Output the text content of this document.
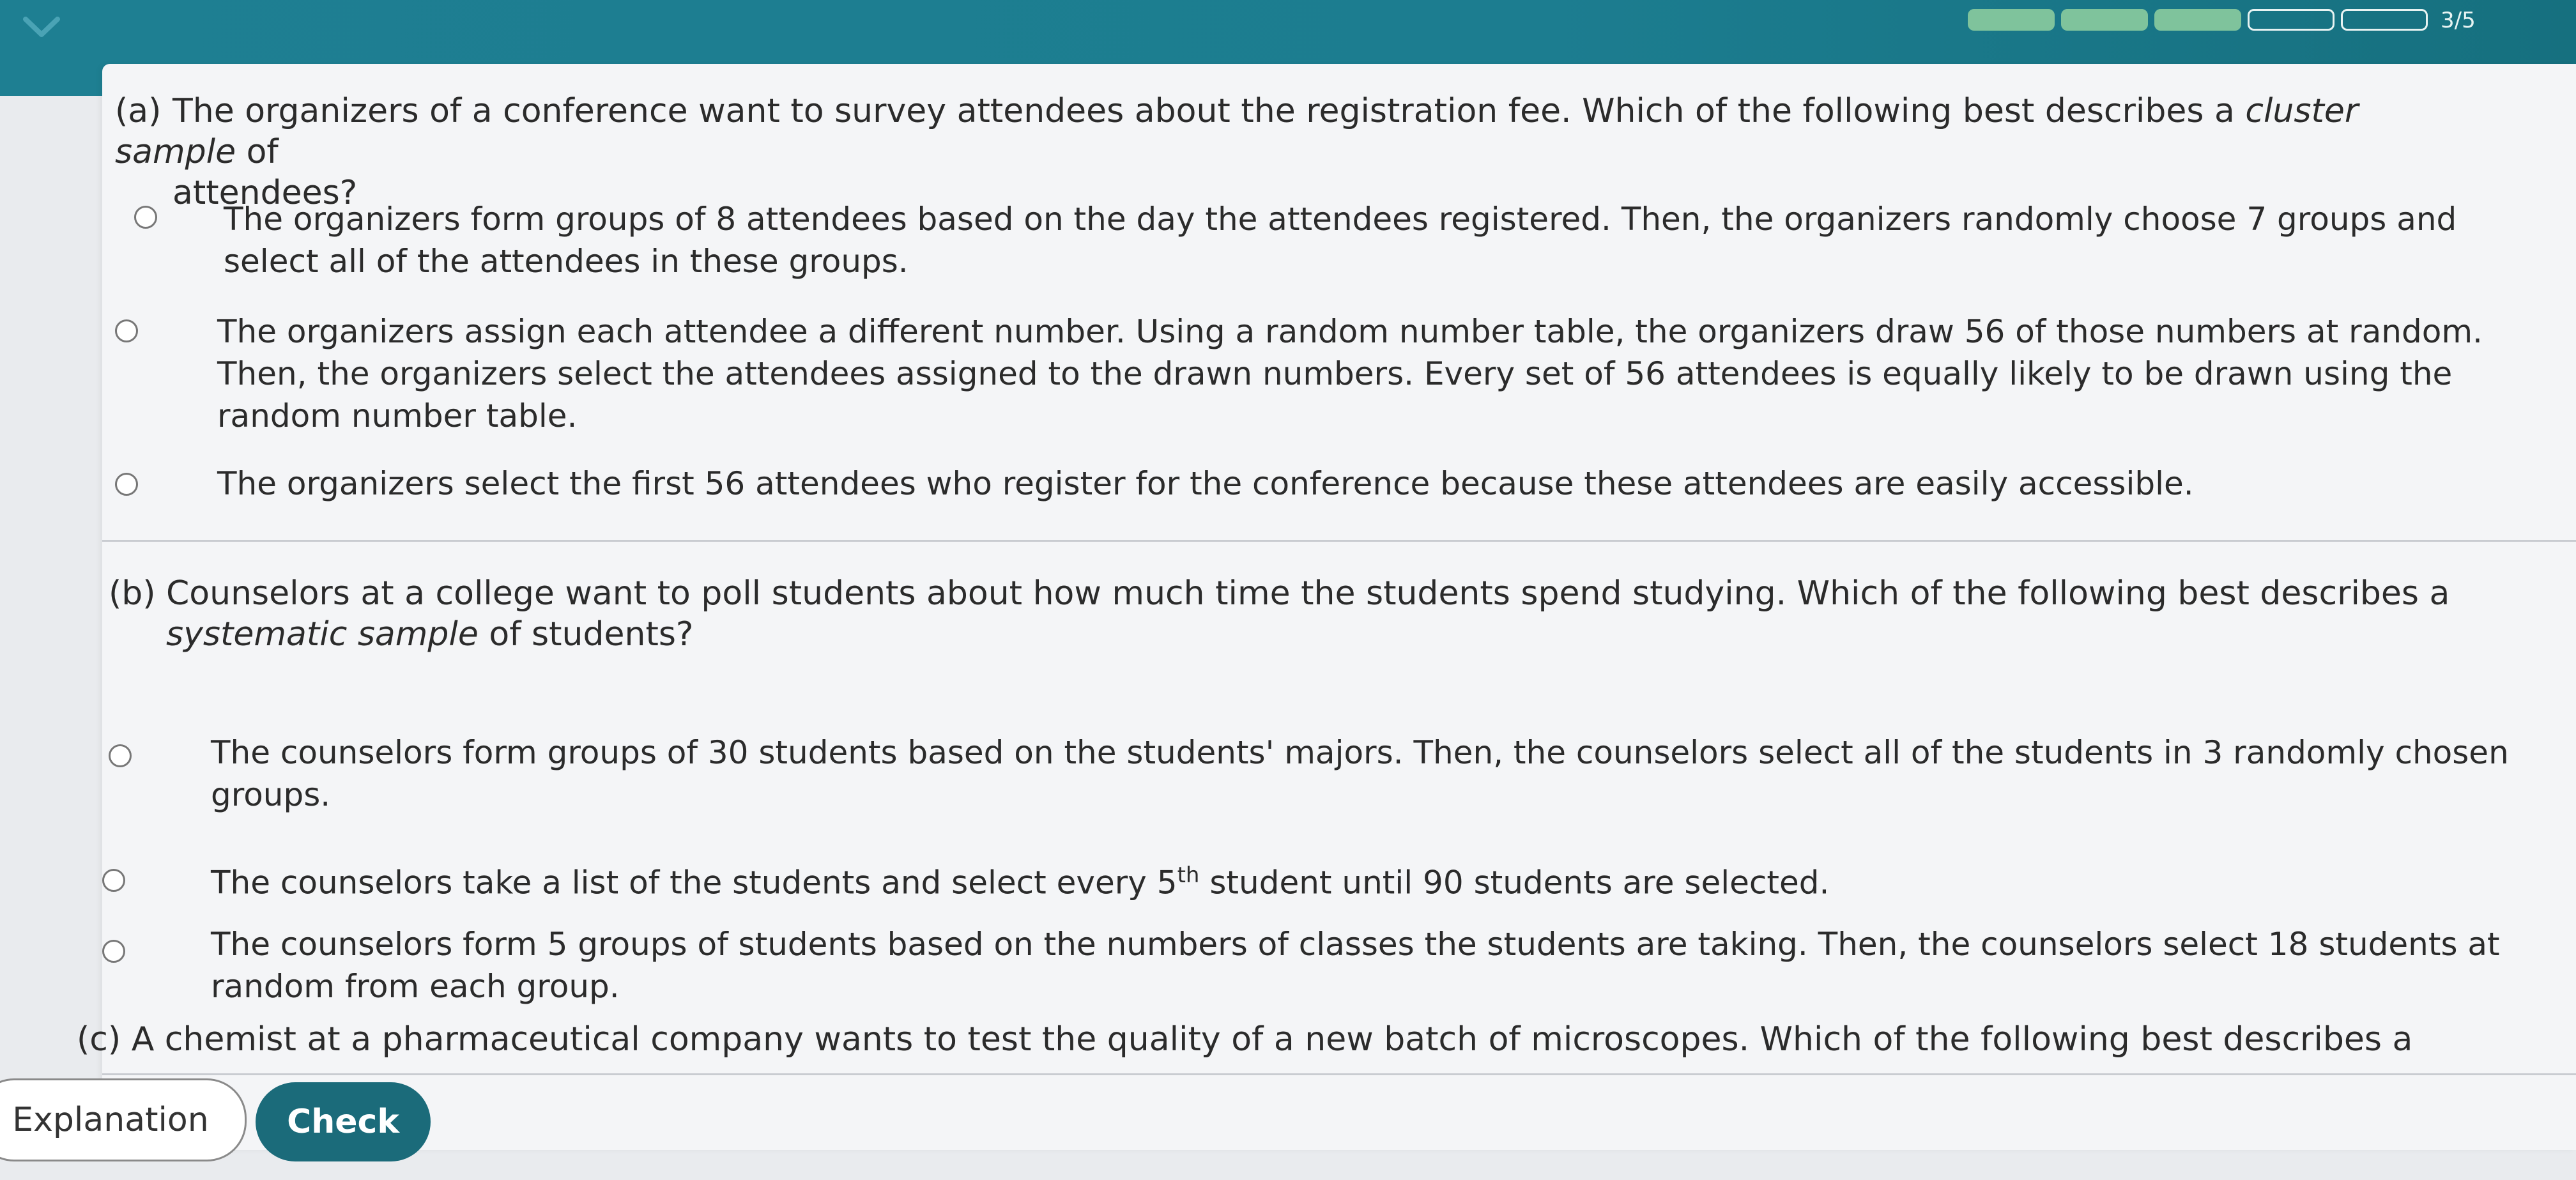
3/5
(a) The organizers of a conference want to survey attendees about the registration fee. Which of the following best describes a cluster sample of
attendees?
The organizers form groups of 8 attendees based on the day the attendees registered. Then, the organizers randomly choose 7 groups and select all of the attendees in these groups.
The organizers assign each attendee a different number. Using a random number table, the organizers draw 56 of those numbers at random. Then, the organizers select the attendees assigned to the drawn numbers. Every set of 56 attendees is equally likely to be drawn using the random number table.
The organizers select the first 56 attendees who register for the conference because these attendees are easily accessible.
(b) Counselors at a college want to poll students about how much time the students spend studying. Which of the following best describes a
systematic sample of students?
The counselors form groups of 30 students based on the students' majors. Then, the counselors select all of the students in 3 randomly chosen groups.
The counselors take a list of the students and select every 5th student until 90 students are selected.
The counselors form 5 groups of students based on the numbers of classes the students are taking. Then, the counselors select 18 students at random from each group.
(c) A chemist at a pharmaceutical company wants to test the quality of a new batch of microscopes. Which of the following best describes a
Explanation	Check
